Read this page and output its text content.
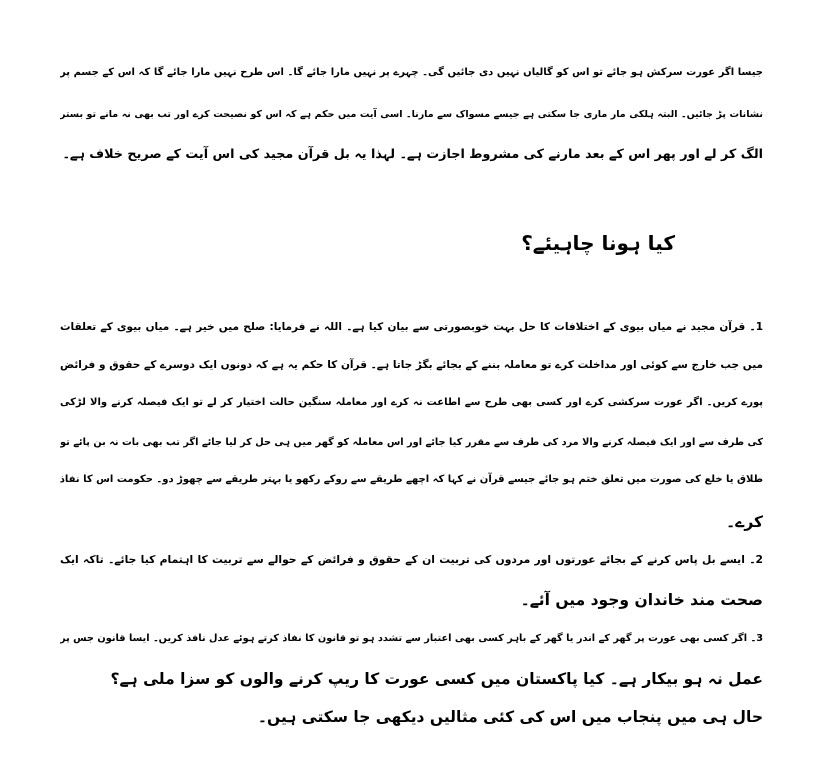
جیسا اگر عورت سرکش ہو جائے تو اس کو گالیاں نہیں دی جائیں گی۔ چہرے پر نہیں مارا جائے گا۔ اس طرح نہیں مارا جائے گا کہ اس کے جسم پر
نشانات پڑ جائیں۔ البتہ ہلکی مار ماری جا سکتی ہے جیسے مسواک سے مارنا۔ اسی آیت میں حکم ہے کہ اس کو نصیحت کرے اور تب بھی نہ مانے تو بستر
الگ کر لے اور پھر اس کے بعد مارنے کی مشروط اجازت ہے۔ لہذا یہ بل قرآن مجید کی اس آیت کے صریح خلاف ہے۔
کیا ہونا چاہیئے؟
1۔ قرآن مجید نے میاں بیوی کے اختلافات کا حل بہت خوبصورتی سے بیان کیا ہے۔ اللہ نے فرمایا: صلح میں خیر ہے۔ میاں بیوی کے تعلقات
میں جب خارج سے کوئی اور مداخلت کرے تو معاملہ بننے کے بجائے بگڑ جاتا ہے۔ قرآن کا حکم یہ ہے کہ دونوں ایک دوسرے کے حقوق و فرائض
پورے کریں۔ اگر عورت سرکشی کرے اور کسی بھی طرح سے اطاعت نہ کرے اور معاملہ سنگین حالت اختیار کر لے تو ایک فیصلہ کرنے والا لڑکی
کی طرف سے اور ایک فیصلہ کرنے والا مرد کی طرف سے مقرر کیا جائے اور اس معاملہ کو گھر میں ہی حل کر لیا جائے اگر تب بھی بات نہ بن پائے تو
طلاق یا خلع کی صورت میں تعلق ختم ہو جائے جیسے قرآن نے کہا کہ اچھے طریقے سے روکے رکھو یا بہتر طریقے سے چھوڑ دو۔ حکومت اس کا نفاذ
کرے۔
2۔ ایسے بل پاس کرنے کے بجائے عورتوں اور مردوں کی تربیت ان کے حقوق و فرائض کے حوالے سے تربیت کا اہتمام کیا جائے۔ تاکہ ایک
صحت مند خاندان وجود میں آئے۔
3۔ اگر کسی بھی عورت پر گھر کے اندر یا گھر کے باہر کسی بھی اعتبار سے تشدد ہو تو قانون کا نفاذ کرتے ہوئے عدل نافذ کریں۔ ایسا قانون جس پر
عمل نہ ہو بیکار ہے۔ کیا پاکستان میں کسی عورت کا ریپ کرنے والوں کو سزا ملی ہے؟
حال ہی میں پنجاب میں اس کی کئی مثالیں دیکھی جا سکتی ہیں۔
